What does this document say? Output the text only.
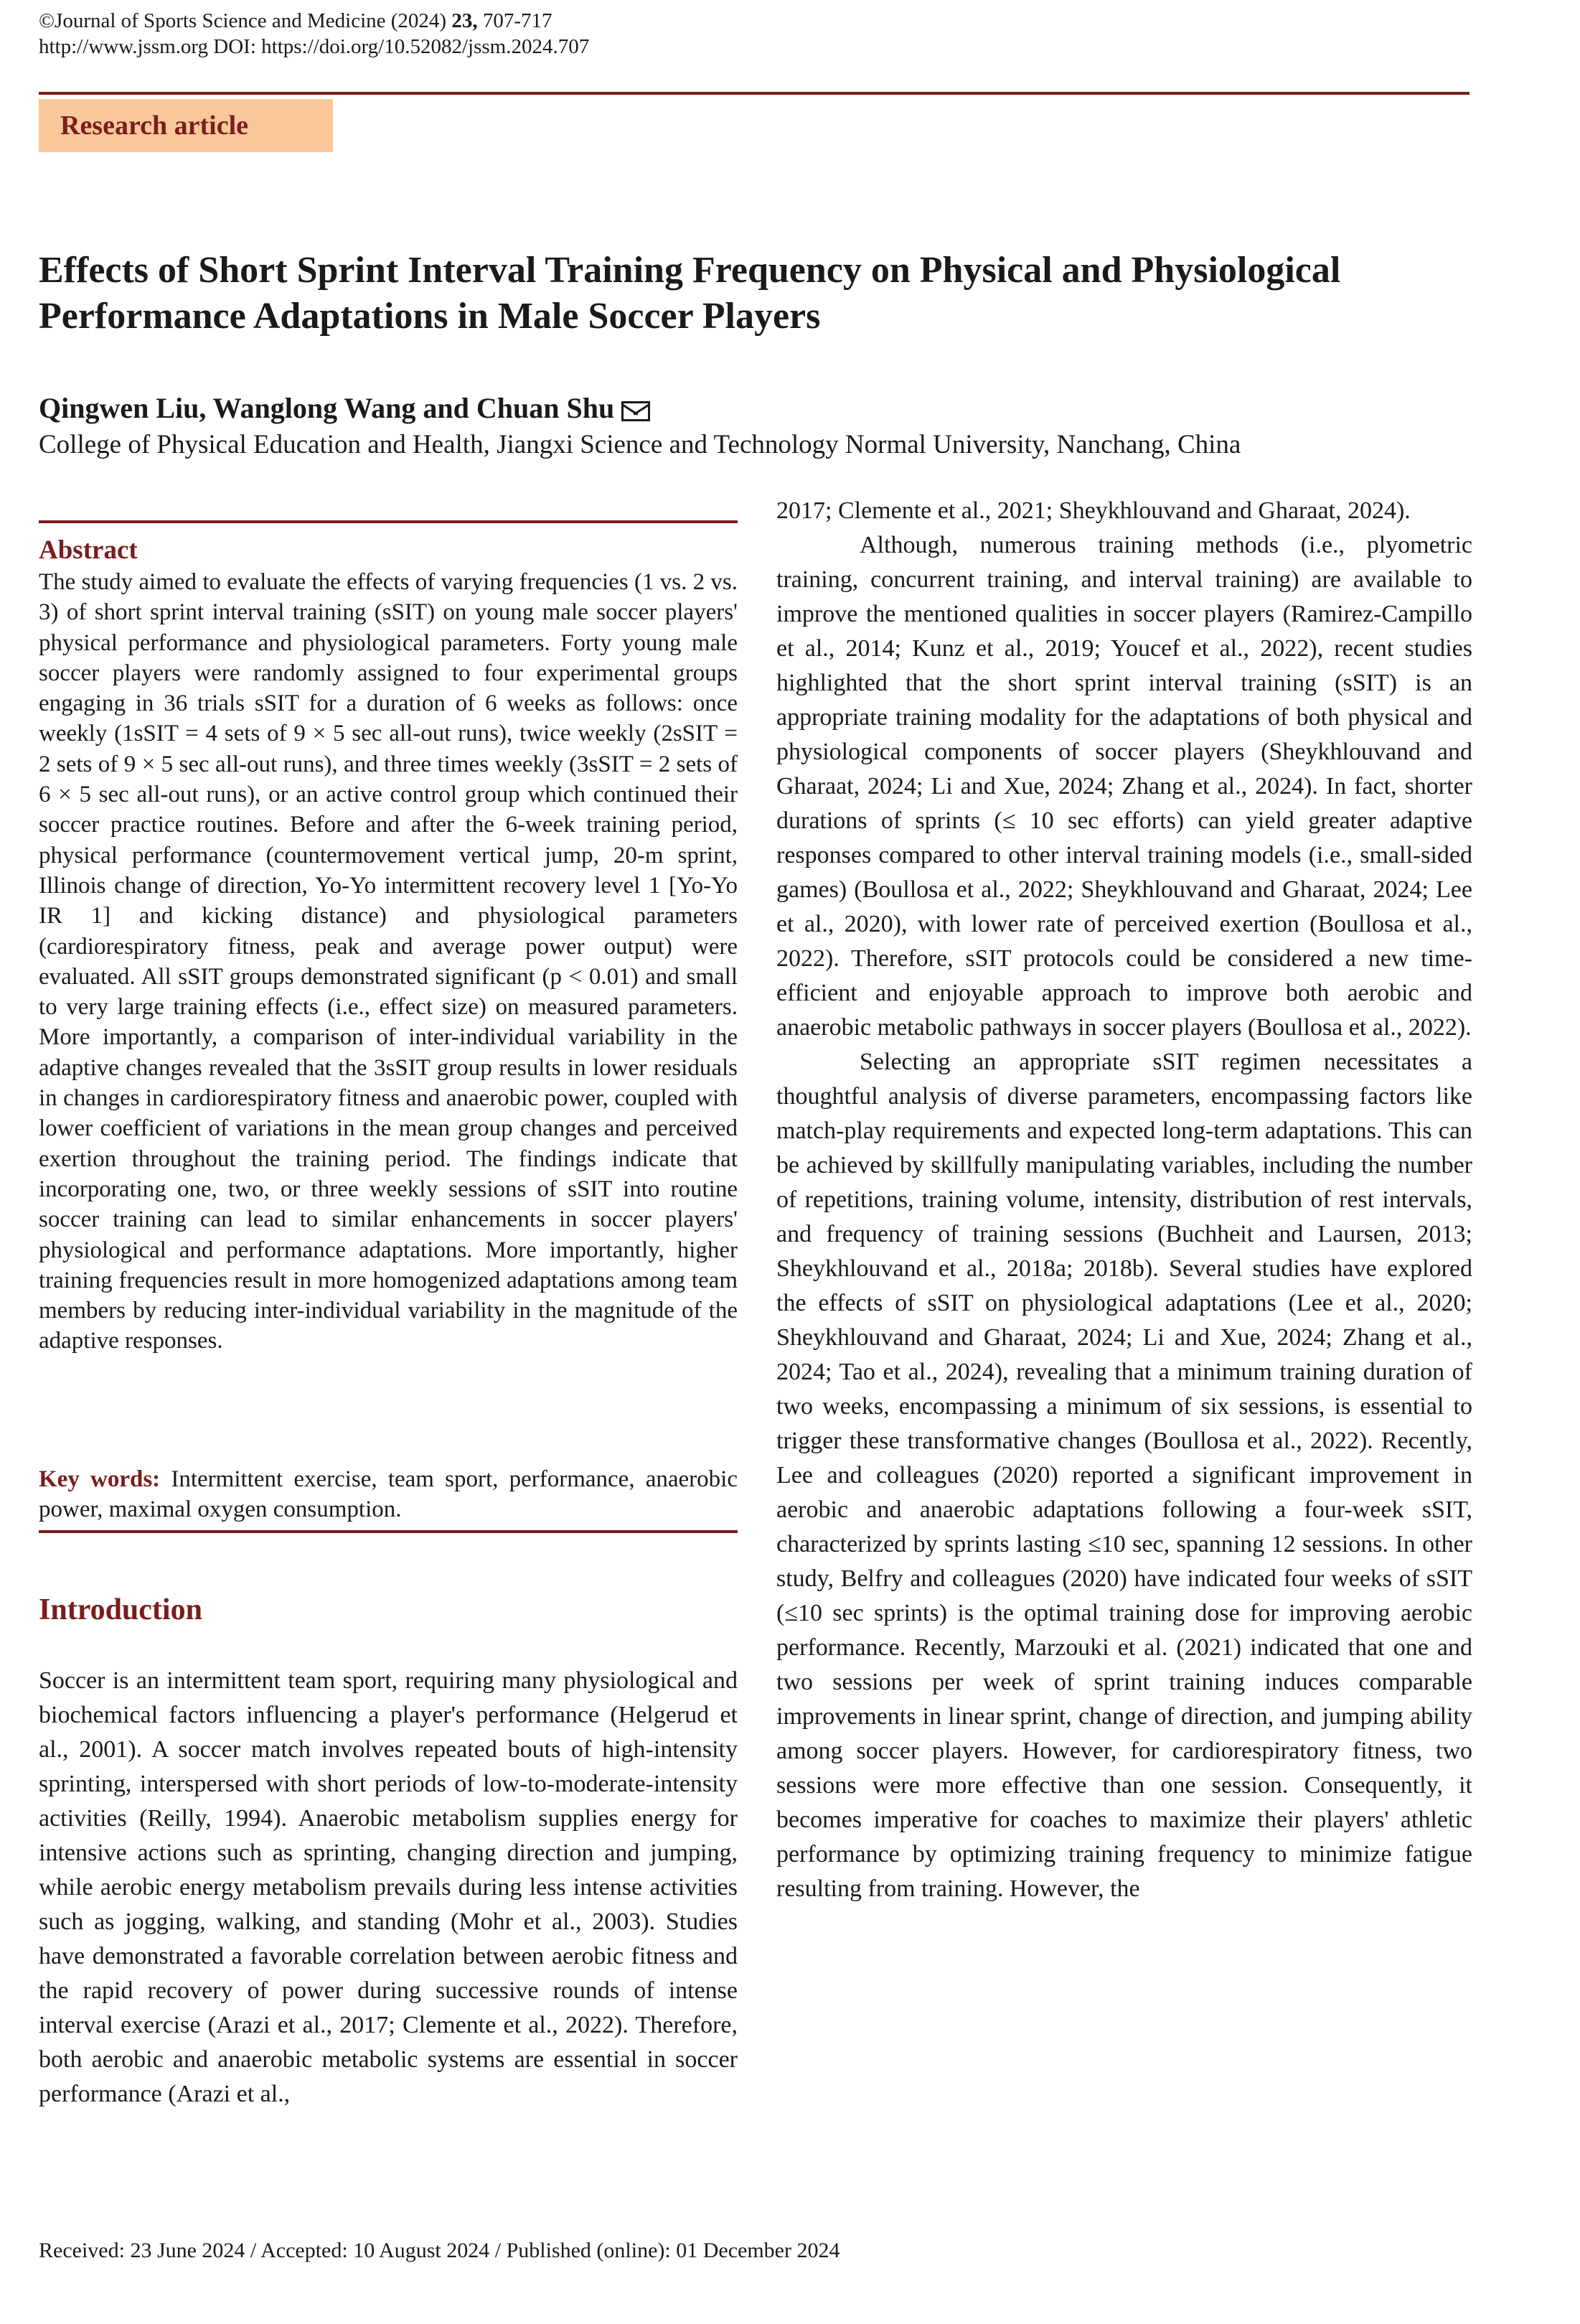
©Journal of Sports Science and Medicine (2024) 23, 707-717
http://www.jssm.org DOI: https://doi.org/10.52082/jssm.2024.707
Research article
Effects of Short Sprint Interval Training Frequency on Physical and Physiological Performance Adaptations in Male Soccer Players
Qingwen Liu, Wanglong Wang and Chuan Shu
College of Physical Education and Health, Jiangxi Science and Technology Normal University, Nanchang, China
Abstract

The study aimed to evaluate the effects of varying frequencies (1 vs. 2 vs. 3) of short sprint interval training (sSIT) on young male soccer players' physical performance and physiological parameters. Forty young male soccer players were randomly assigned to four experimental groups engaging in 36 trials sSIT for a duration of 6 weeks as follows: once weekly (1sSIT = 4 sets of 9 × 5 sec all-out runs), twice weekly (2sSIT = 2 sets of 9 × 5 sec all-out runs), and three times weekly (3sSIT = 2 sets of 6 × 5 sec all-out runs), or an active control group which continued their soccer practice routines. Before and after the 6-week training period, physical performance (countermovement vertical jump, 20-m sprint, Illinois change of direction, Yo-Yo intermittent recovery level 1 [Yo-Yo IR 1] and kicking distance) and physiological parameters (cardiorespiratory fitness, peak and average power output) were evaluated. All sSIT groups demonstrated significant (p < 0.01) and small to very large training effects (i.e., effect size) on measured parameters. More importantly, a comparison of inter-individual variability in the adaptive changes revealed that the 3sSIT group results in lower residuals in changes in cardiorespiratory fitness and anaerobic power, coupled with lower coefficient of variations in the mean group changes and perceived exertion throughout the training period. The findings indicate that incorporating one, two, or three weekly sessions of sSIT into routine soccer training can lead to similar enhancements in soccer players' physiological and performance adaptations. More importantly, higher training frequencies result in more homogenized adaptations among team members by reducing inter-individual variability in the magnitude of the adaptive responses.

Key words: Intermittent exercise, team sport, performance, anaerobic power, maximal oxygen consumption.
Introduction

Soccer is an intermittent team sport, requiring many physiological and biochemical factors influencing a player's performance (Helgerud et al., 2001). A soccer match involves repeated bouts of high-intensity sprinting, interspersed with short periods of low-to-moderate-intensity activities (Reilly, 1994). Anaerobic metabolism supplies energy for intensive actions such as sprinting, changing direction and jumping, while aerobic energy metabolism prevails during less intense activities such as jogging, walking, and standing (Mohr et al., 2003). Studies have demonstrated a favorable correlation between aerobic fitness and the rapid recovery of power during successive rounds of intense interval exercise (Arazi et al., 2017; Clemente et al., 2022). Therefore, both aerobic and anaerobic metabolic systems are essential in soccer performance (Arazi et al.,

2017; Clemente et al., 2021; Sheykhlouvand and Gharaat, 2024).

Although, numerous training methods (i.e., plyometric training, concurrent training, and interval training) are available to improve the mentioned qualities in soccer players (Ramirez-Campillo et al., 2014; Kunz et al., 2019; Youcef et al., 2022), recent studies highlighted that the short sprint interval training (sSIT) is an appropriate training modality for the adaptations of both physical and physiological components of soccer players (Sheykhlouvand and Gharaat, 2024; Li and Xue, 2024; Zhang et al., 2024). In fact, shorter durations of sprints (≤ 10 sec efforts) can yield greater adaptive responses compared to other interval training models (i.e., small-sided games) (Boullosa et al., 2022; Sheykhlouvand and Gharaat, 2024; Lee et al., 2020), with lower rate of perceived exertion (Boullosa et al., 2022). Therefore, sSIT protocols could be considered a new time-efficient and enjoyable approach to improve both aerobic and anaerobic metabolic pathways in soccer players (Boullosa et al., 2022).

Selecting an appropriate sSIT regimen necessitates a thoughtful analysis of diverse parameters, encompassing factors like match-play requirements and expected long-term adaptations. This can be achieved by skillfully manipulating variables, including the number of repetitions, training volume, intensity, distribution of rest intervals, and frequency of training sessions (Buchheit and Laursen, 2013; Sheykhlouvand et al., 2018a; 2018b). Several studies have explored the effects of sSIT on physiological adaptations (Lee et al., 2020; Sheykhlouvand and Gharaat, 2024; Li and Xue, 2024; Zhang et al., 2024; Tao et al., 2024), revealing that a minimum training duration of two weeks, encompassing a minimum of six sessions, is essential to trigger these transformative changes (Boullosa et al., 2022). Recently, Lee and colleagues (2020) reported a significant improvement in aerobic and anaerobic adaptations following a four-week sSIT, characterized by sprints lasting ≤10 sec, spanning 12 sessions. In other study, Belfry and colleagues (2020) have indicated four weeks of sSIT (≤10 sec sprints) is the optimal training dose for improving aerobic performance. Recently, Marzouki et al. (2021) indicated that one and two sessions per week of sprint training induces comparable improvements in linear sprint, change of direction, and jumping ability among soccer players. However, for cardiorespiratory fitness, two sessions were more effective than one session. Consequently, it becomes imperative for coaches to maximize their players' athletic performance by optimizing training frequency to minimize fatigue resulting from training. However, the

Received: 23 June 2024 / Accepted: 10 August 2024 / Published (online): 01 December 2024
